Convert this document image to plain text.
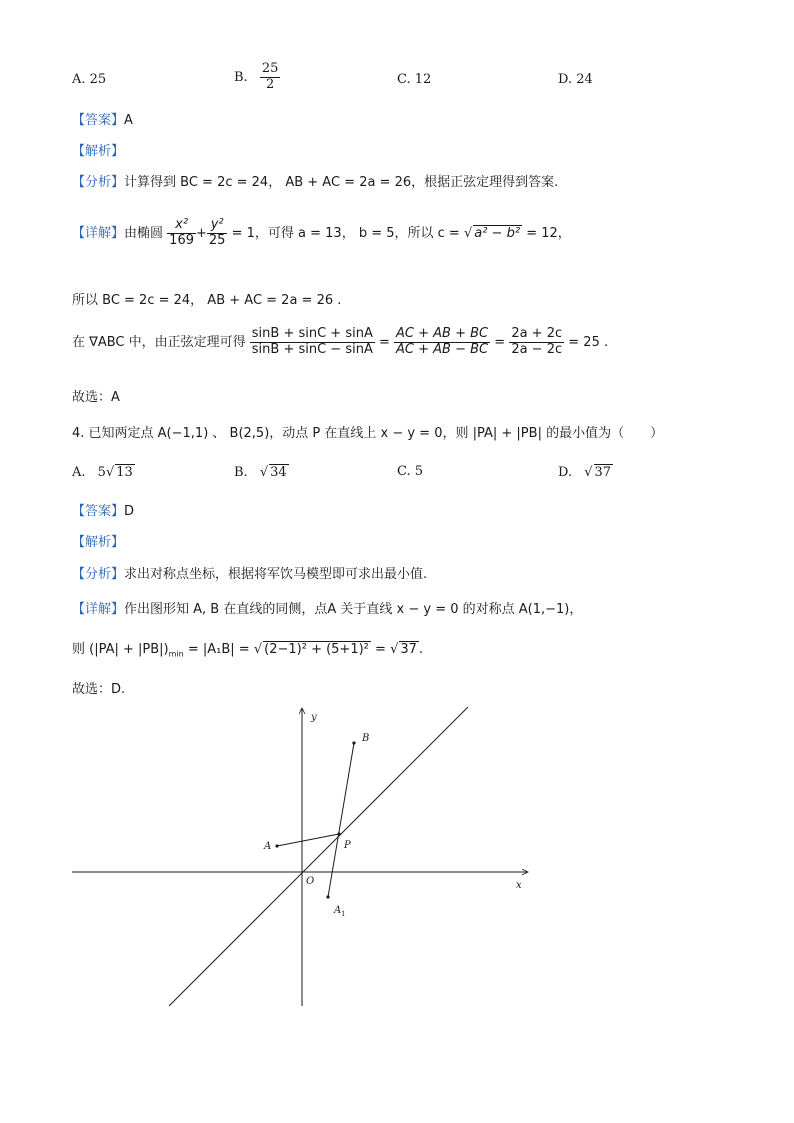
A. 25	B. $\frac{25}{2}$	C. 12	D. 24
【答案】A
【解析】
【分析】计算得到 BC = 2c = 24， AB + AC = 2a = 26，根据正弦定理得到答案.
【详解】由椭圆 $\frac{\text{x²}}{169} + \frac{\text{y²}}{25} = 1$，可得 a = 13， b = 5，所以 c = √ a² − b² = 12，
所以 BC = 2c = 24， AB + AC = 2a = 26 .
在 ∇ABC 中，由正弦定理可得 $\frac{\sin B + \sin C + \sin A}{\sin B + \sin C - \sin A} = \frac{AC + AB + BC}{AC + AB - BC} = \frac{2a + 2c}{2a - 2c} = 25$ .
故选：A
4. 已知两定点 A(−1,1) 、 B(2,5)，动点 P 在直线上 x − y = 0，则 |PA| + |PB| 的最小值为（　　）
A. 5√ 13	B. √ 34	C. 5	D. √ 37
【答案】D
【解析】
【分析】求出对称点坐标，根据将军饮马模型即可求出最小值.
【详解】作出图形知 A, B 在直线的同侧，点A 关于直线 x − y = 0 的对称点 A(1,−1)，
则 $(|PA| + |PB|)_{min} = |A_1B|$ = √ (2−1)² + (5+1)² = √ 37 .
故选：D.
y
x
O
A
B
P
A 1
